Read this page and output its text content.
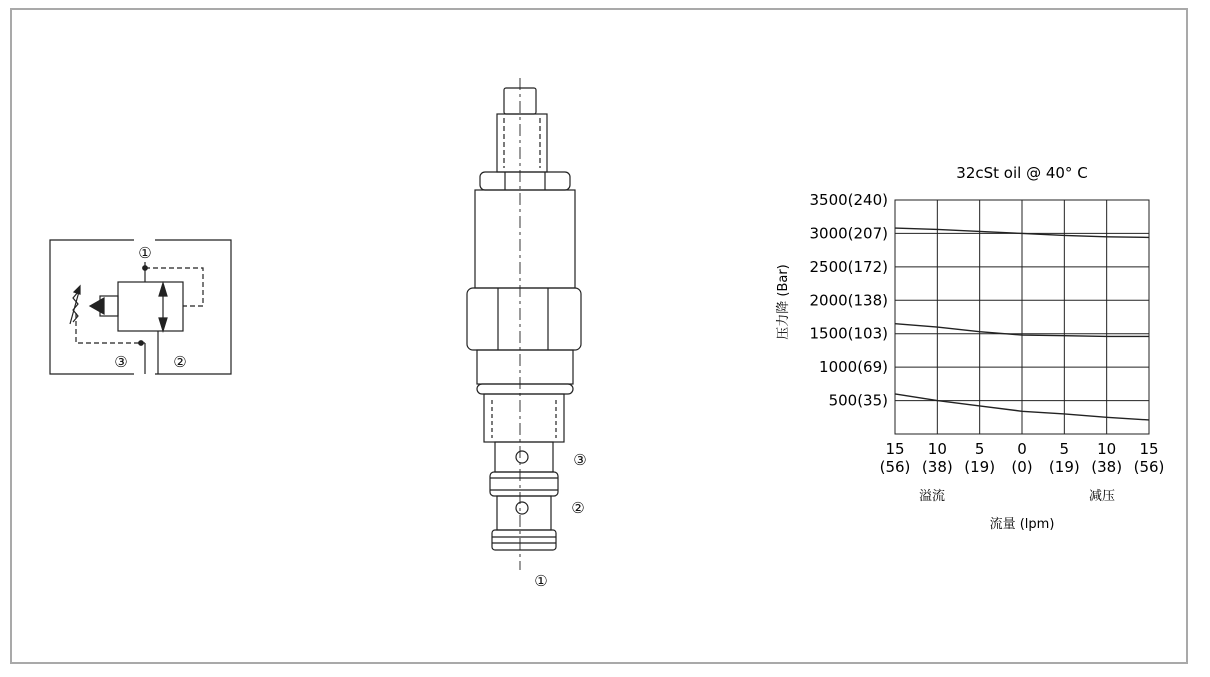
①
③	②
③
②
①
32cSt oil @ 40° C
3500(240)
3000(207)
2500(172)
2000(138)
1500(103)
1000(69)
500(35)
15
(56)
10
(38)
5
(19)
0
(0)
5
(19)
10
(38)
15
(56)
压力降 (Bar)
溢流	减压
流量 (lpm)
